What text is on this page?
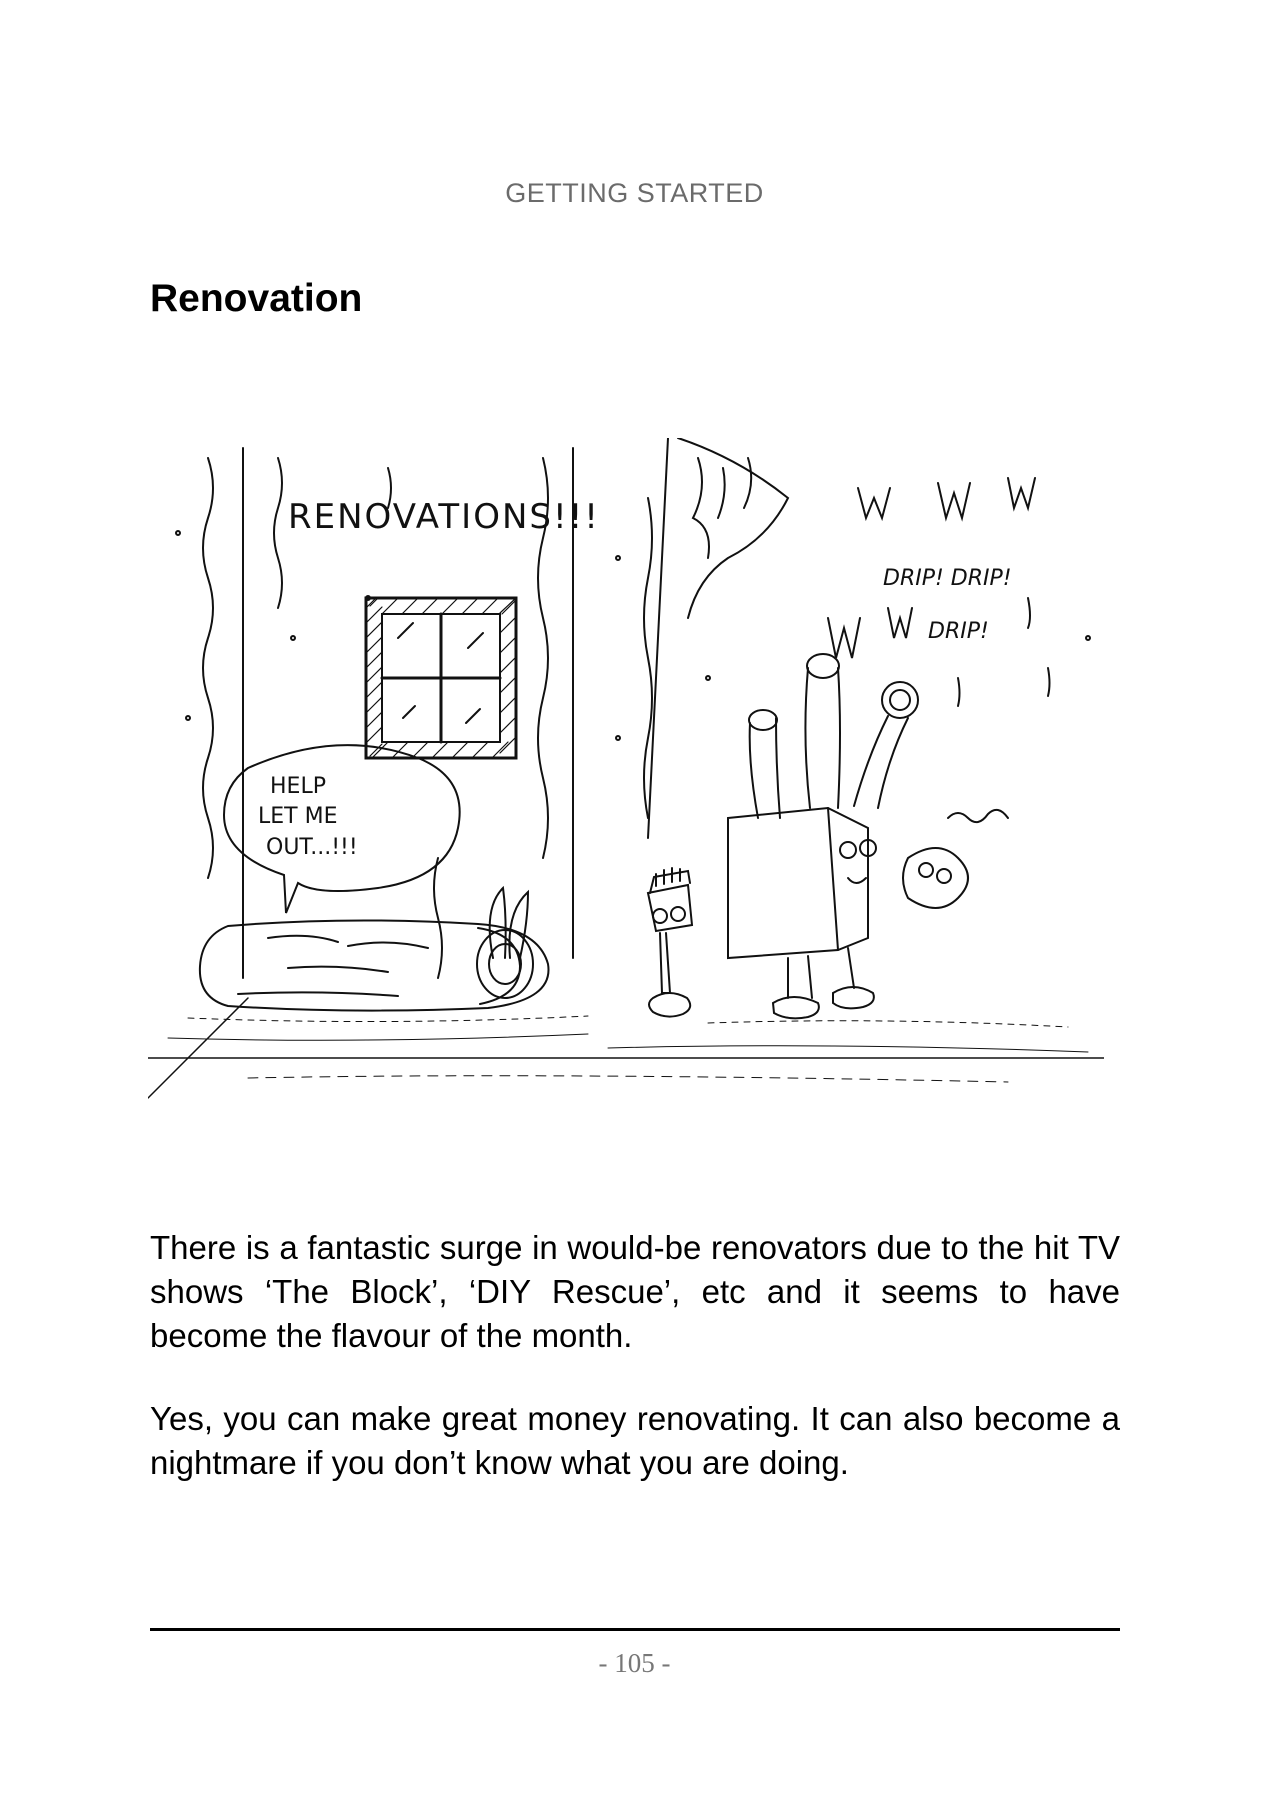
GETTING STARTED
Renovation
RENOVATIONS!!!
DRIP! DRIP!
DRIP!
HELP
LET ME
OUT...!!!
There is a fantastic surge in would-be renovators due to the hit TV shows ‘The Block’, ‘DIY Rescue’, etc and it seems to have become the flavour of the month.
Yes, you can make great money renovating. It can also become a nightmare if you don’t know what you are doing.
- 105 -
